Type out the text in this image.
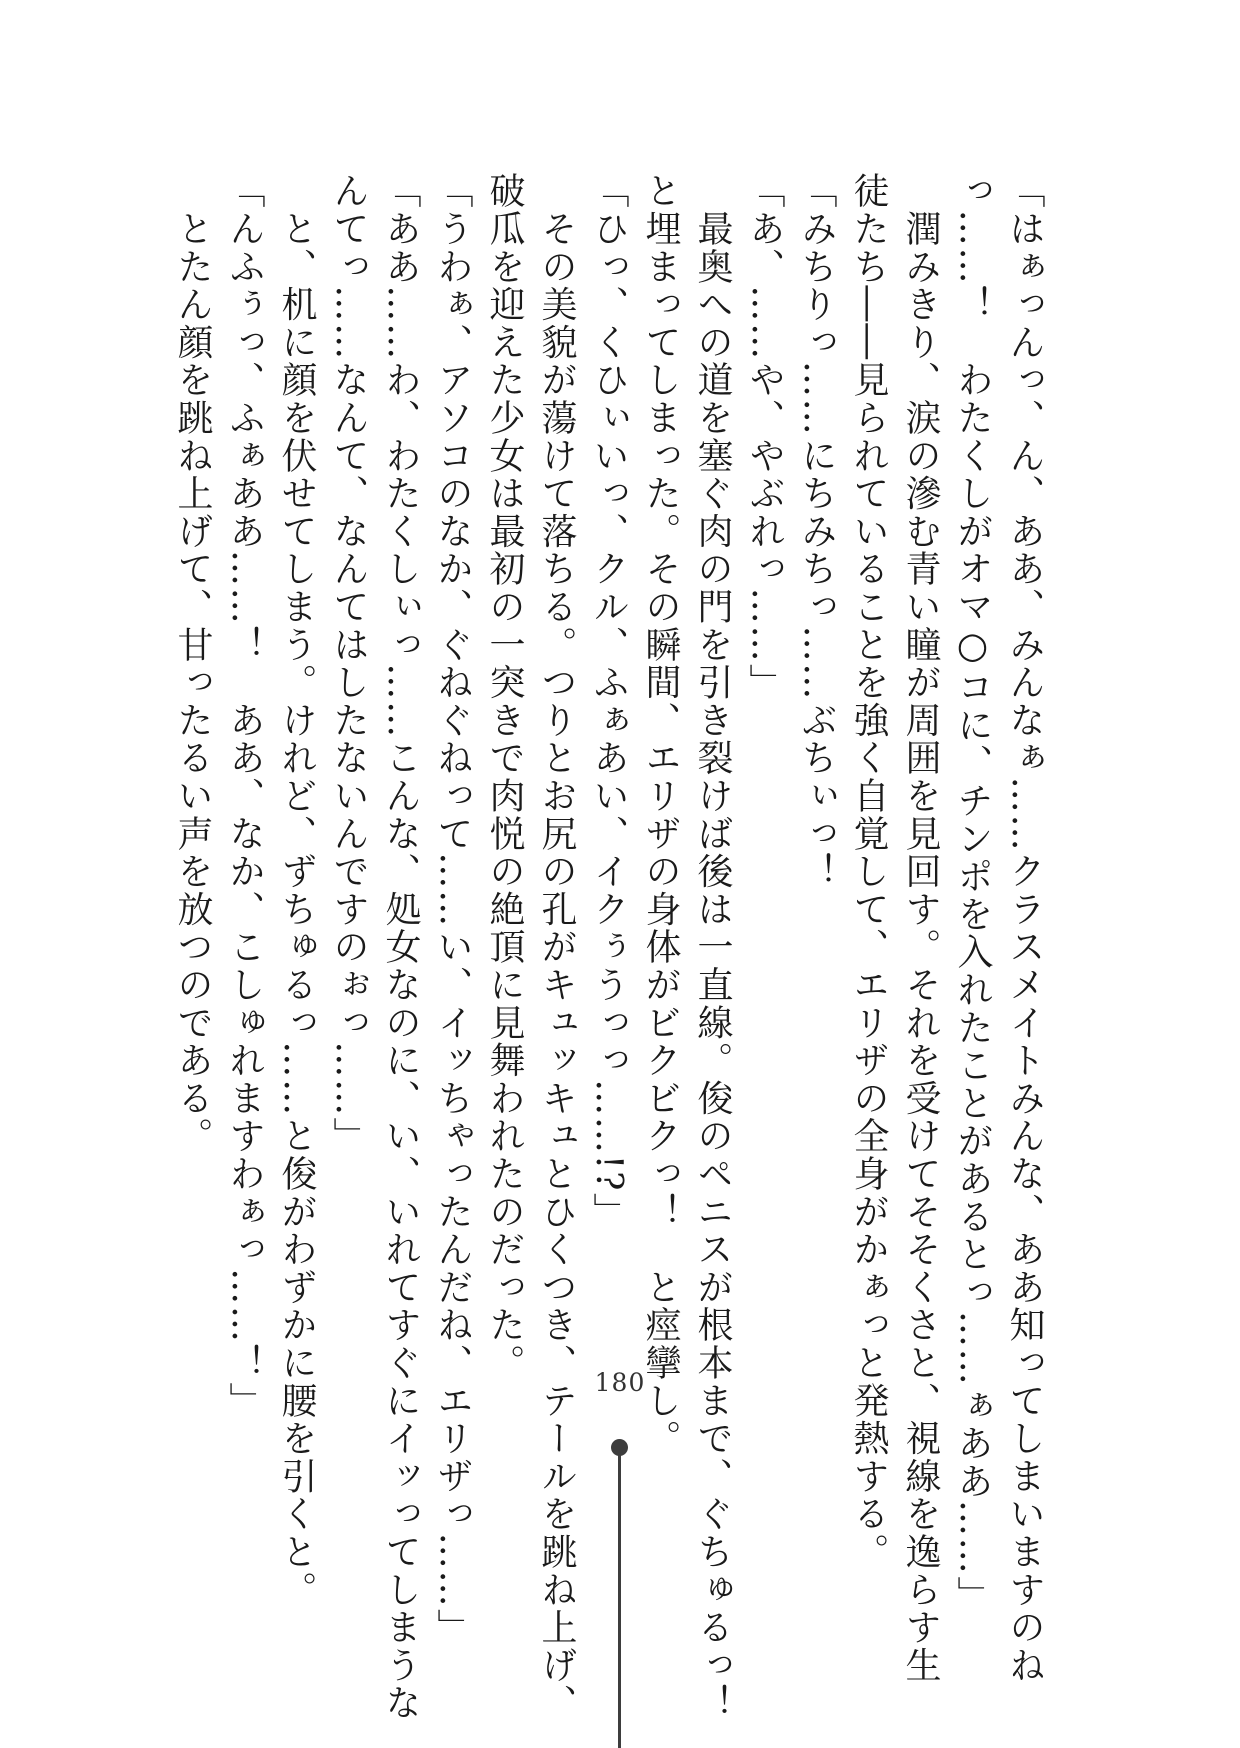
「はぁっんっ、ん、ああ、みんなぁ……クラスメイトみんな、ああ知ってしまいますのね
っ……！　わたくしがオマ○コに、チンポを入れたことがあるとっ……ぁああ……」
　潤みきり、涙の滲む青い瞳が周囲を見回す。それを受けてそそくさと、視線を逸らす生
徒たち――見られていることを強く自覚して、エリザの全身がかぁっと発熱する。
「みちりっ……にちみちっ……ぶちぃっ！
「あ、……や、やぶれっ……」
　最奥への道を塞ぐ肉の門を引き裂けば後は一直線。俊のペニスが根本まで、ぐちゅるっ！
と埋まってしまった。その瞬間、エリザの身体がビクビクっ！　と痙攣し。
「ひっ、くひぃいっ、クル、ふぁあい、イクぅうっっ……!?」
　その美貌が蕩けて落ちる。つりとお尻の孔がキュッキュとひくつき、テールを跳ね上げ、
破瓜を迎えた少女は最初の一突きで肉悦の絶頂に見舞われたのだった。
「うわぁ、アソコのなか、ぐねぐねって……い、イッちゃったんだね、エリザっ……」
「ああ……わ、わたくしぃっ……こんな、処女なのに、い、いれてすぐにイッってしまうな
んてっ……なんて、なんてはしたないんですのぉっ……」
　と、机に顔を伏せてしまう。けれど、ずちゅるっ……と俊がわずかに腰を引くと。
「んふぅっ、ふぁああ……！　ああ、なか、こしゅれますわぁっ……！」
　とたん顔を跳ね上げて、甘ったるい声を放つのである。
180
